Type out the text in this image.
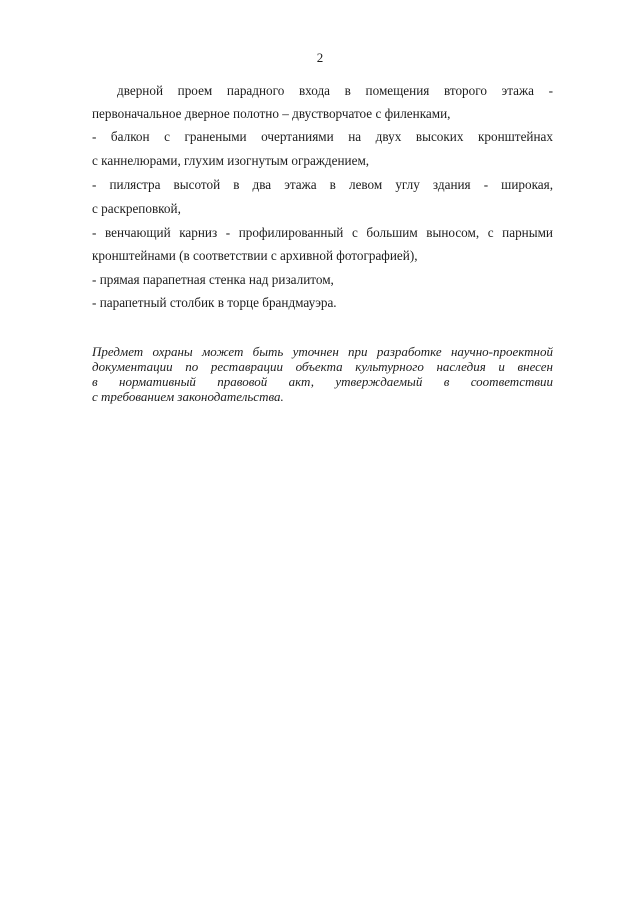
2
дверной проем парадного входа в помещения второго этажа -
первоначальное дверное полотно – двустворчатое с филенками,
- балкон с гранеными очертаниями на двух высоких кронштейнах
с каннелюрами, глухим изогнутым ограждением,
- пилястра высотой в два этажа в левом углу здания - широкая,
с раскреповкой,
- венчающий карниз - профилированный с большим выносом, с парными
кронштейнами (в соответствии с архивной фотографией),
- прямая парапетная стенка над ризалитом,
- парапетный столбик в торце брандмауэра.
Предмет охраны может быть уточнен при разработке научно-проектной
документации по реставрации объекта культурного наследия и внесен
в нормативный правовой акт, утверждаемый в соответствии
с требованием законодательства.
